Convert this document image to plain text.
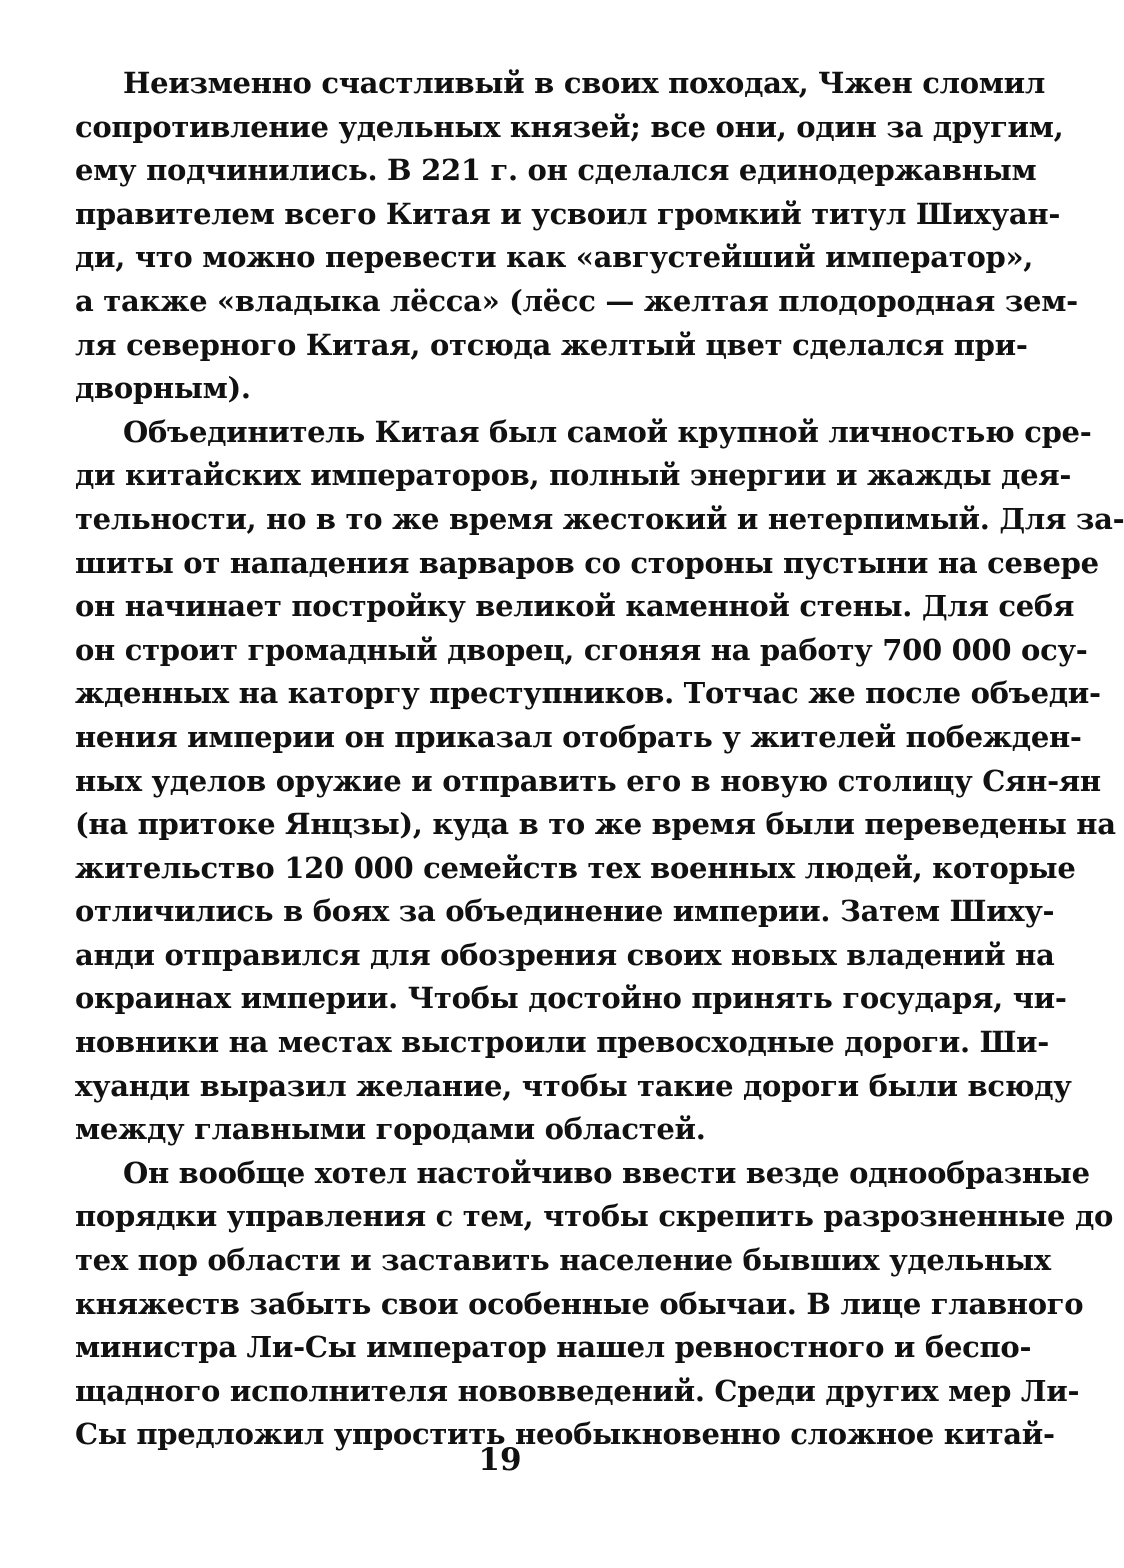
Неизменно счастливый в своих походах, Чжен сломил
сопротивление удельных князей; все они, один за другим,
ему подчинились. В 221 г. он сделался единодержавным
правителем всего Китая и усвоил громкий титул Шихуан-
ди, что можно перевести как «августейший император»,
а также «владыка лёсса» (лёсс — желтая плодородная зем-
ля северного Китая, отсюда желтый цвет сделался при-
дворным).
Объединитель Китая был самой крупной личностью сре-
ди китайских императоров, полный энергии и жажды дея-
тельности, но в то же время жестокий и нетерпимый. Для за-
шиты от нападения варваров со стороны пустыни на севере
он начинает постройку великой каменной стены. Для себя
он строит громадный дворец, сгоняя на работу 700 000 осу-
жденных на каторгу преступников. Тотчас же после объеди-
нения империи он приказал отобрать у жителей побежден-
ных уделов оружие и отправить его в новую столицу Сян-ян
(на притоке Янцзы), куда в то же время были переведены на
жительство 120 000 семейств тех военных людей, которые
отличились в боях за объединение империи. Затем Шиху-
анди отправился для обозрения своих новых владений на
окраинах империи. Чтобы достойно принять государя, чи-
новники на местах выстроили превосходные дороги. Ши-
хуанди выразил желание, чтобы такие дороги были всюду
между главными городами областей.
Он вообще хотел настойчиво ввести везде однообразные
порядки управления с тем, чтобы скрепить разрозненные до
тех пор области и заставить население бывших удельных
княжеств забыть свои особенные обычаи. В лице главного
министра Ли-Сы император нашел ревностного и беспо-
щадного исполнителя нововведений. Среди других мер Ли-
Сы предложил упростить необыкновенно сложное китай-
19
